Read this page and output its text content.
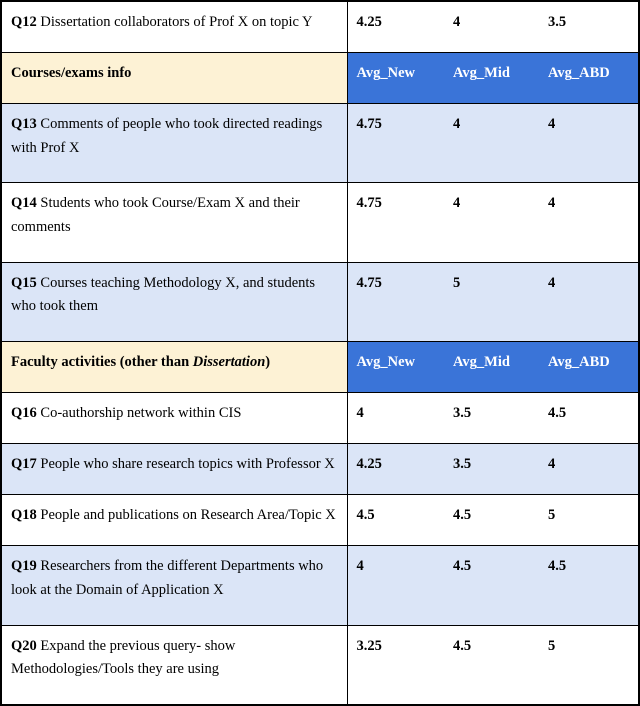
Q12 Dissertation collaborators of Prof X on topic Y	4.25	4	3.5
Courses/exams info	Avg_New	Avg_Mid	Avg_ABD
Q13 Comments of people who took directed readings with Prof X	4.75	4	4
Q14 Students who took Course/Exam X and their comments	4.75	4	4
Q15 Courses teaching Methodology X, and students who took them	4.75	5	4
Faculty activities (other than Dissertation)	Avg_New	Avg_Mid	Avg_ABD
Q16 Co-authorship network within CIS	4	3.5	4.5
Q17 People who share research topics with Professor X	4.25	3.5	4
Q18 People and publications on Research Area/Topic X	4.5	4.5	5
Q19 Researchers from the different Departments who look at the Domain of Application X	4	4.5	4.5
Q20 Expand the previous query- show Methodologies/Tools they are using	3.25	4.5	5
